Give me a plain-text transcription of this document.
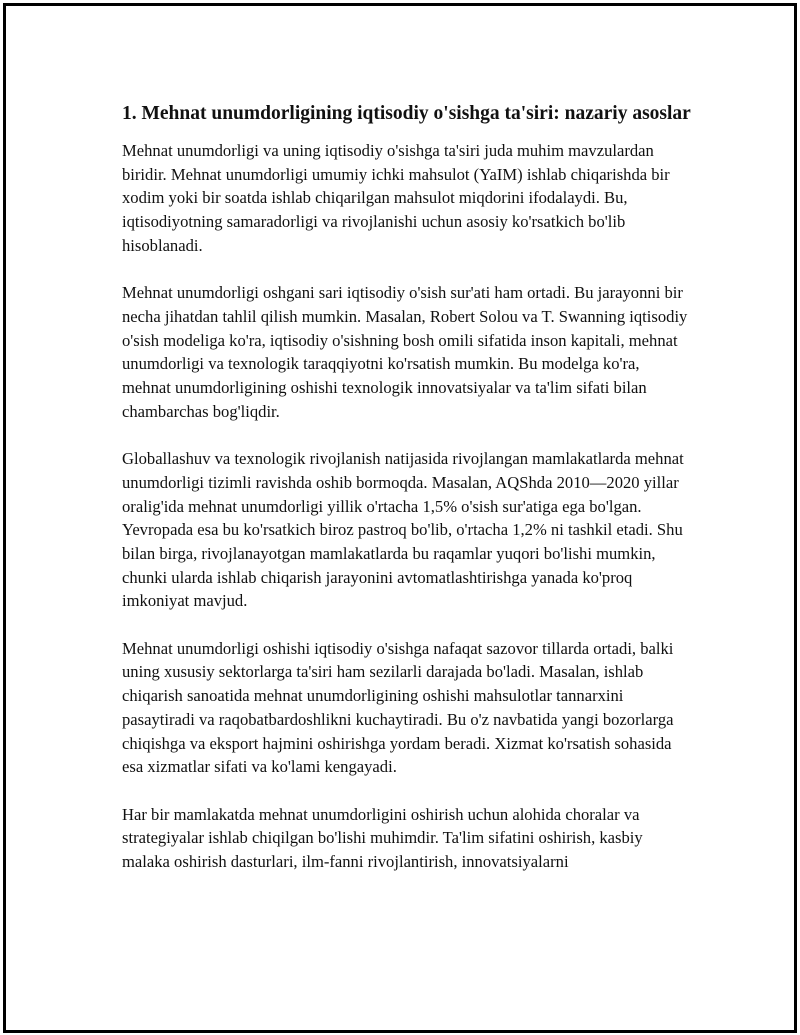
1. Mehnat unumdorligining iqtisodiy o'sishga ta'siri: nazariy asoslar

Mehnat unumdorligi va uning iqtisodiy o'sishga ta'siri juda muhim mavzulardan biridir. Mehnat unumdorligi umumiy ichki mahsulot (YaIM) ishlab chiqarishda bir xodim yoki bir soatda ishlab chiqarilgan mahsulot miqdorini ifodalaydi. Bu, iqtisodiyotning samaradorligi va rivojlanishi uchun asosiy ko'rsatkich bo'lib hisoblanadi.

Mehnat unumdorligi oshgani sari iqtisodiy o'sish sur'ati ham ortadi. Bu jarayonni bir necha jihatdan tahlil qilish mumkin. Masalan, Robert Solou va T. Swanning iqtisodiy o'sish modeliga ko'ra, iqtisodiy o'sishning bosh omili sifatida inson kapitali, mehnat unumdorligi va texnologik taraqqiyotni ko'rsatish mumkin. Bu modelga ko'ra, mehnat unumdorligining oshishi texnologik innovatsiyalar va ta'lim sifati bilan chambarchas bog'liqdir.

Globallashuv va texnologik rivojlanish natijasida rivojlangan mamlakatlarda mehnat unumdorligi tizimli ravishda oshib bormoqda. Masalan, AQShda 2010—2020 yillar oralig'ida mehnat unumdorligi yillik o'rtacha 1,5% o'sish sur'atiga ega bo'lgan. Yevropada esa bu ko'rsatkich biroz pastroq bo'lib, o'rtacha 1,2% ni tashkil etadi. Shu bilan birga, rivojlanayotgan mamlakatlarda bu raqamlar yuqori bo'lishi mumkin, chunki ularda ishlab chiqarish jarayonini avtomatlashtirishga yanada ko'proq imkoniyat mavjud.

Mehnat unumdorligi oshishi iqtisodiy o'sishga nafaqat sazovor tillarda ortadi, balki uning xususiy sektorlarga ta'siri ham sezilarli darajada bo'ladi. Masalan, ishlab chiqarish sanoatida mehnat unumdorligining oshishi mahsulotlar tannarxini pasaytiradi va raqobatbardoshlikni kuchaytiradi. Bu o'z navbatida yangi bozorlarga chiqishga va eksport hajmini oshirishga yordam beradi. Xizmat ko'rsatish sohasida esa xizmatlar sifati va ko'lami kengayadi.

Har bir mamlakatda mehnat unumdorligini oshirish uchun alohida choralar va strategiyalar ishlab chiqilgan bo'lishi muhimdir. Ta'lim sifatini oshirish, kasbiy malaka oshirish dasturlari, ilm-fanni rivojlantirish, innovatsiyalarni
